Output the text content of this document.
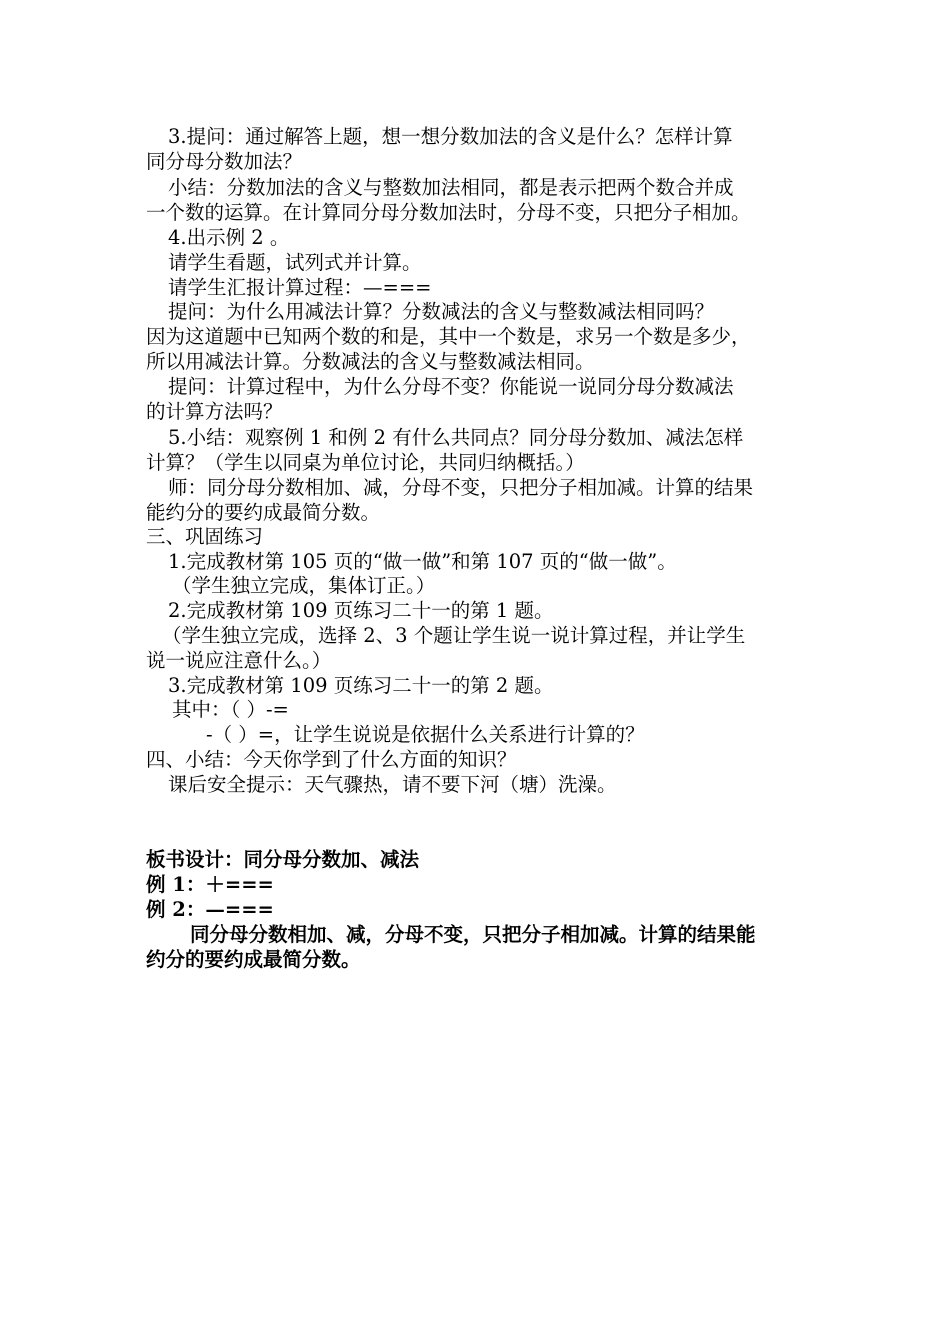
3.提问：通过解答上题，想一想分数加法的含义是什么？怎样计算
同分母分数加法？
小结：分数加法的含义与整数加法相同，都是表示把两个数合并成
一个数的运算。在计算同分母分数加法时，分母不变，只把分子相加。
4.出示例 2 。
请学生看题，试列式并计算。
请学生汇报计算过程：—===
提问：为什么用减法计算？分数减法的含义与整数减法相同吗？
因为这道题中已知两个数的和是，其中一个数是，求另一个数是多少，
所以用减法计算。分数减法的含义与整数减法相同。
提问：计算过程中，为什么分母不变？你能说一说同分母分数减法
的计算方法吗？
5.小结：观察例 1 和例 2 有什么共同点？同分母分数加、减法怎样
计算？（学生以同桌为单位讨论，共同归纳概括。）
师：同分母分数相加、减，分母不变，只把分子相加减。计算的结果
能约分的要约成最简分数。
三、巩固练习
1.完成教材第 105 页的“做一做”和第 107 页的“做一做”。
（学生独立完成，集体订正。）
2.完成教材第 109 页练习二十一的第 1 题。
（学生独立完成，选择 2、3 个题让学生说一说计算过程，并让学生
说一说应注意什么。）
3.完成教材第 109 页练习二十一的第 2 题。
其中：（ ）-=
-（ ）=，让学生说说是依据什么关系进行计算的？
四、小结：今天你学到了什么方面的知识？
课后安全提示：天气骤热，请不要下河（塘）洗澡。
板书设计：同分母分数加、减法
例 1：＋===
例 2：—===
同分母分数相加、减，分母不变，只把分子相加减。计算的结果能
约分的要约成最简分数。
